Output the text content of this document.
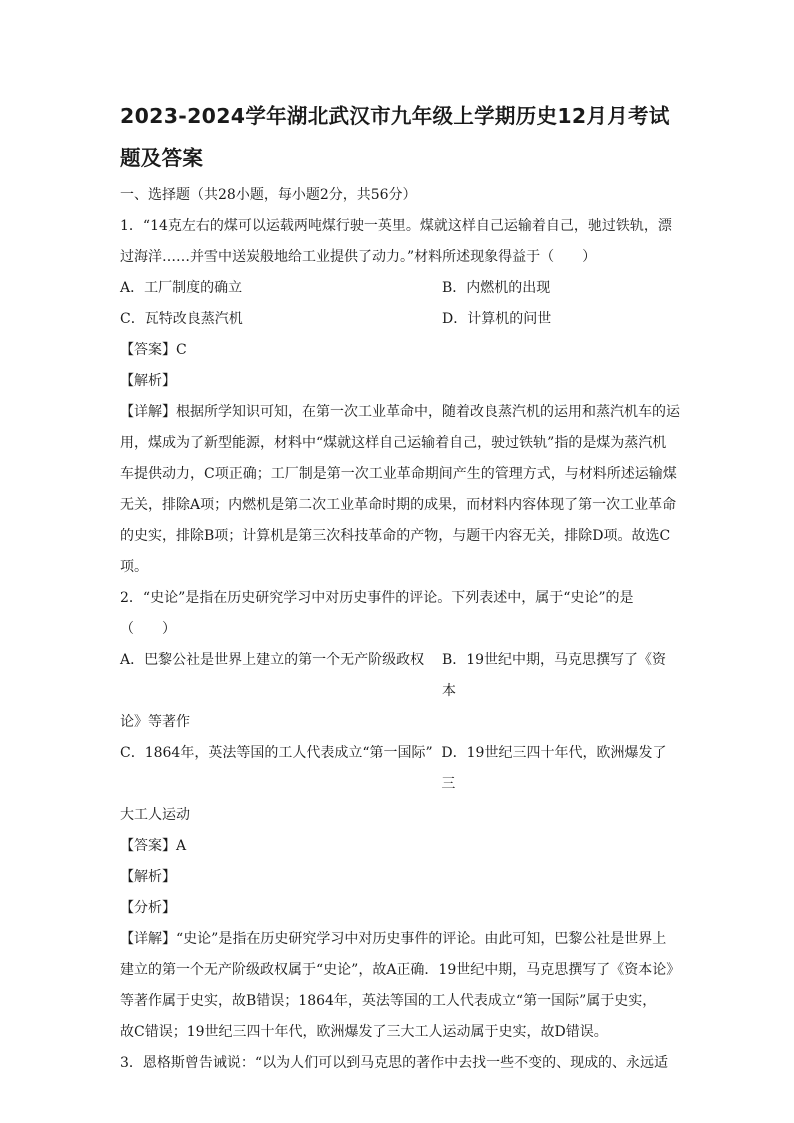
2023-2024学年湖北武汉市九年级上学期历史12月月考试
题及答案

一、选择题（共28小题，每小题2分，共56分）

1．“14克左右的煤可以运载两吨煤行驶一英里。煤就这样自己运输着自己，驰过铁轨，漂

过海洋……并雪中送炭般地给工业提供了动力。”材料所述现象得益于（　　）

A．工厂制度的确立	B．内燃机的出现
C．瓦特改良蒸汽机	D．计算机的问世

【答案】C

【解析】

【详解】根据所学知识可知，在第一次工业革命中，随着改良蒸汽机的运用和蒸汽机车的运

用，煤成为了新型能源，材料中“煤就这样自己运输着自己，驶过铁轨”指的是煤为蒸汽机

车提供动力，C项正确；工厂制是第一次工业革命期间产生的管理方式，与材料所述运输煤

无关，排除A项；内燃机是第二次工业革命时期的成果，而材料内容体现了第一次工业革命

的史实，排除B项；计算机是第三次科技革命的产物，与题干内容无关，排除D项。故选C

项。

2．“史论”是指在历史研究学习中对历史事件的评论。下列表述中，属于“史论”的是

（　　）

A．巴黎公社是世界上建立的第一个无产阶级政权	B．19世纪中期，马克思撰写了《资本

论》等著作

C．1864年，英法等国的工人代表成立“第一国际” D．19世纪三四十年代，欧洲爆发了三

大工人运动

【答案】A

【解析】

【分析】

【详解】“史论”是指在历史研究学习中对历史事件的评论。由此可知，巴黎公社是世界上

建立的第一个无产阶级政权属于“史论”，故A正确．19世纪中期，马克思撰写了《资本论》

等著作属于史实，故B错误；1864年，英法等国的工人代表成立“第一国际”属于史实，

故C错误；19世纪三四十年代，欧洲爆发了三大工人运动属于史实，故D错误。

3．恩格斯曾告诫说：“以为人们可以到马克思的著作中去找一些不变的、现成的、永远适
